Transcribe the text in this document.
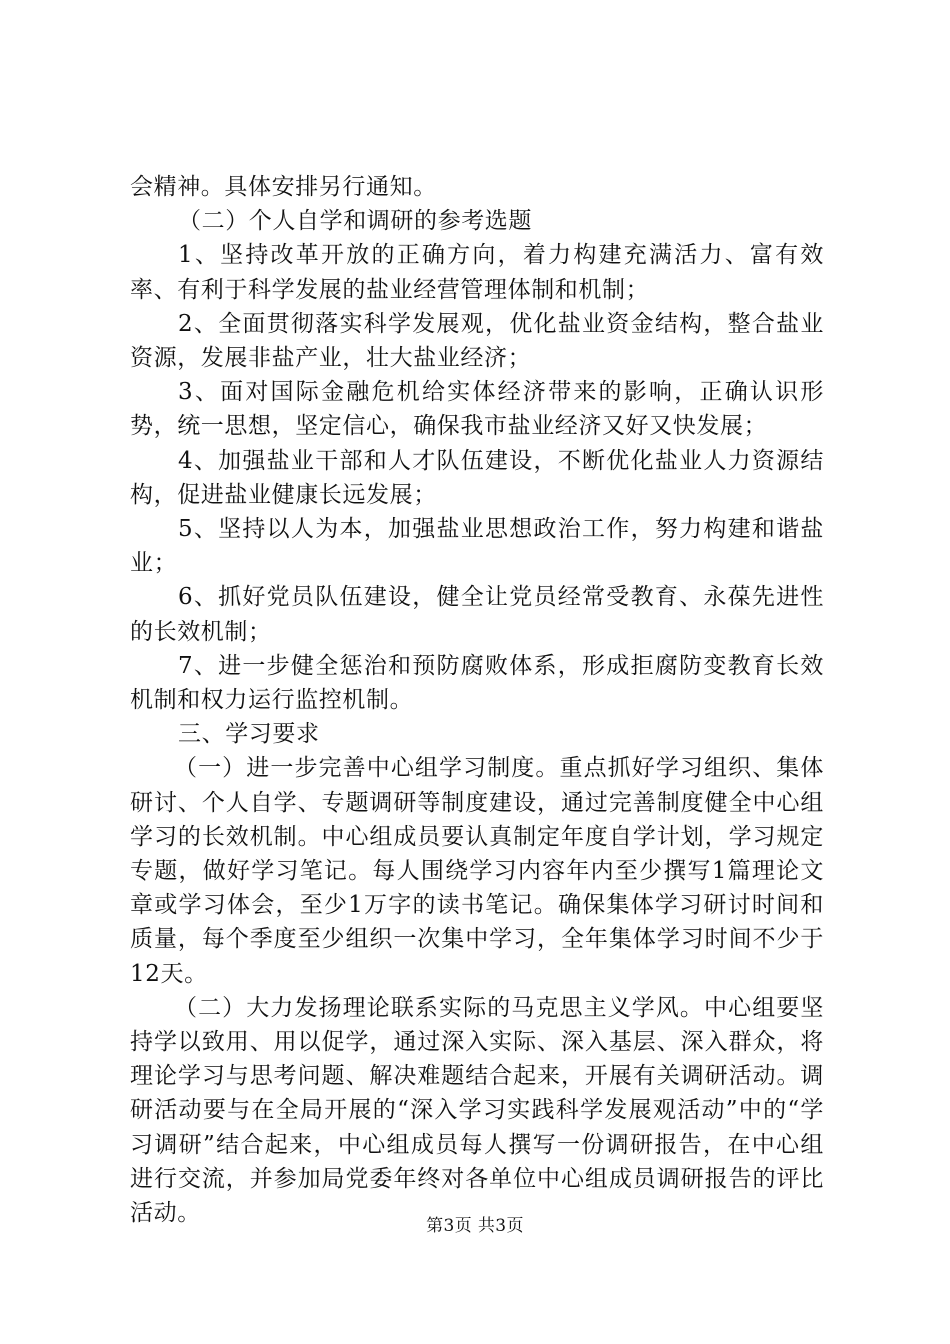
会精神。具体安排另行通知。

（二）个人自学和调研的参考选题

1、坚持改革开放的正确方向，着力构建充满活力、富有效率、有利于科学发展的盐业经营管理体制和机制；

2、全面贯彻落实科学发展观，优化盐业资金结构，整合盐业资源，发展非盐产业，壮大盐业经济；

3、面对国际金融危机给实体经济带来的影响，正确认识形势，统一思想，坚定信心，确保我市盐业经济又好又快发展；

4、加强盐业干部和人才队伍建设，不断优化盐业人力资源结构，促进盐业健康长远发展；

5、坚持以人为本，加强盐业思想政治工作，努力构建和谐盐业；

6、抓好党员队伍建设，健全让党员经常受教育、永葆先进性的长效机制；

7、进一步健全惩治和预防腐败体系，形成拒腐防变教育长效机制和权力运行监控机制。

三、学习要求

（一）进一步完善中心组学习制度。重点抓好学习组织、集体研讨、个人自学、专题调研等制度建设，通过完善制度健全中心组学习的长效机制。中心组成员要认真制定年度自学计划，学习规定专题，做好学习笔记。每人围绕学习内容年内至少撰写1篇理论文章或学习体会，至少1万字的读书笔记。确保集体学习研讨时间和质量，每个季度至少组织一次集中学习，全年集体学习时间不少于12天。

（二）大力发扬理论联系实际的马克思主义学风。中心组要坚持学以致用、用以促学，通过深入实际、深入基层、深入群众，将理论学习与思考问题、解决难题结合起来，开展有关调研活动。调研活动要与在全局开展的“深入学习实践科学发展观活动”中的“学习调研”结合起来，中心组成员每人撰写一份调研报告，在中心组进行交流，并参加局党委年终对各单位中心组成员调研报告的评比活动。	第3页 共3页
